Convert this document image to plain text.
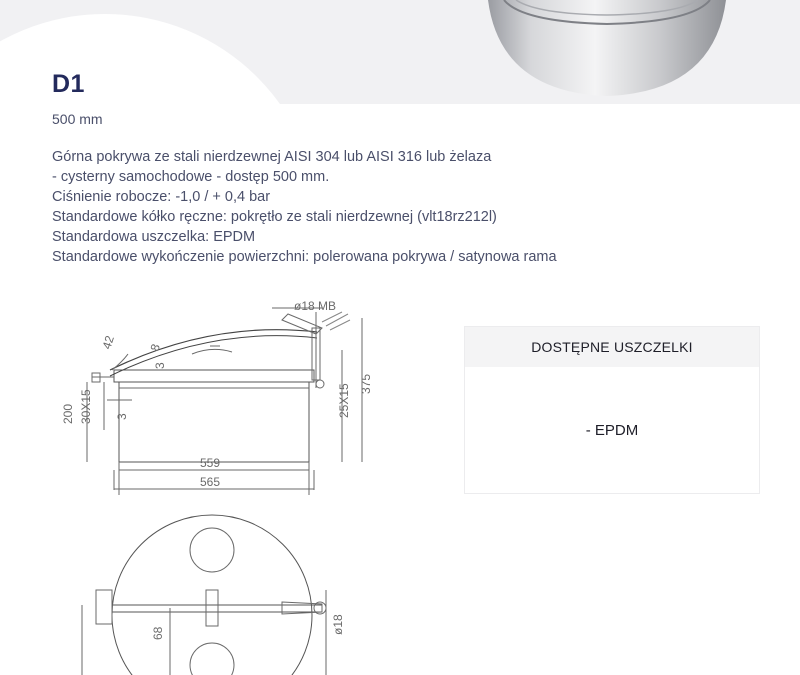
D1
500 mm
Górna pokrywa ze stali nierdzewnej AISI 304 lub AISI 316 lub żelaza
- cysterny samochodowe - dostęp 500 mm.
Ciśnienie robocze: -1,0 / + 0,4 bar
Standardowe kółko ręczne: pokrętło ze stali nierdzewnej (vlt18rz212l)
Standardowa uszczelka: EPDM
Standardowe wykończenie powierzchni: polerowana pokrywa / satynowa rama
ø18 MB
42	8
3
200 30X15 3	25X15 375
559
565
68	ø18
DOSTĘPNE USZCZELKI
- EPDM
